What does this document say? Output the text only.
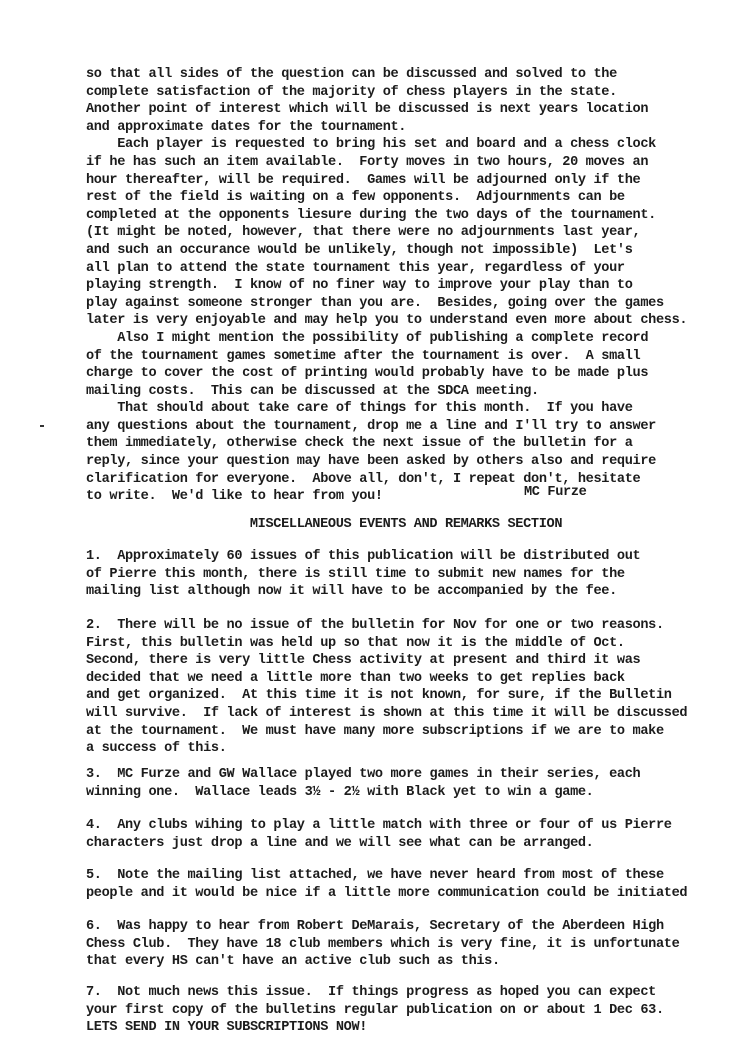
so that all sides of the question can be discussed and solved to the
complete satisfaction of the majority of chess players in the state.
Another point of interest which will be discussed is next years location
and approximate dates for the tournament.
Each player is requested to bring his set and board and a chess clock
if he has such an item available.  Forty moves in two hours, 20 moves an
hour thereafter, will be required.  Games will be adjourned only if the
rest of the field is waiting on a few opponents.  Adjournments can be
completed at the opponents liesure during the two days of the tournament.
(It might be noted, however, that there were no adjournments last year,
and such an occurance would be unlikely, though not impossible)  Let's
all plan to attend the state tournament this year, regardless of your
playing strength.  I know of no finer way to improve your play than to
play against someone stronger than you are.  Besides, going over the games
later is very enjoyable and may help you to understand even more about chess.
Also I might mention the possibility of publishing a complete record
of the tournament games sometime after the tournament is over.  A small
charge to cover the cost of printing would probably have to be made plus
mailing costs.  This can be discussed at the SDCA meeting.
That should about take care of things for this month.  If you have
any questions about the tournament, drop me a line and I'll try to answer
them immediately, otherwise check the next issue of the bulletin for a
reply, since your question may have been asked by others also and require
clarification for everyone.  Above all, don't, I repeat don't, hesitate
to write.  We'd like to hear from you!	MC Furze
MISCELLANEOUS EVENTS AND REMARKS SECTION
1.  Approximately 60 issues of this publication will be distributed out
of Pierre this month, there is still time to submit new names for the
mailing list although now it will have to be accompanied by the fee.
2.  There will be no issue of the bulletin for Nov for one or two reasons.
First, this bulletin was held up so that now it is the middle of Oct.
Second, there is very little Chess activity at present and third it was
decided that we need a little more than two weeks to get replies back
and get organized.  At this time it is not known, for sure, if the Bulletin
will survive.  If lack of interest is shown at this time it will be discussed
at the tournament.  We must have many more subscriptions if we are to make
a success of this.
3.  MC Furze and GW Wallace played two more games in their series, each
winning one.  Wallace leads 3½ - 2½ with Black yet to win a game.
4.  Any clubs wihing to play a little match with three or four of us Pierre
characters just drop a line and we will see what can be arranged.
5.  Note the mailing list attached, we have never heard from most of these
people and it would be nice if a little more communication could be initiated
6.  Was happy to hear from Robert DeMarais, Secretary of the Aberdeen High
Chess Club.  They have 18 club members which is very fine, it is unfortunate
that every HS can't have an active club such as this.
7.  Not much news this issue.  If things progress as hoped you can expect
your first copy of the bulletins regular publication on or about 1 Dec 63.
LETS SEND IN YOUR SUBSCRIPTIONS NOW!
